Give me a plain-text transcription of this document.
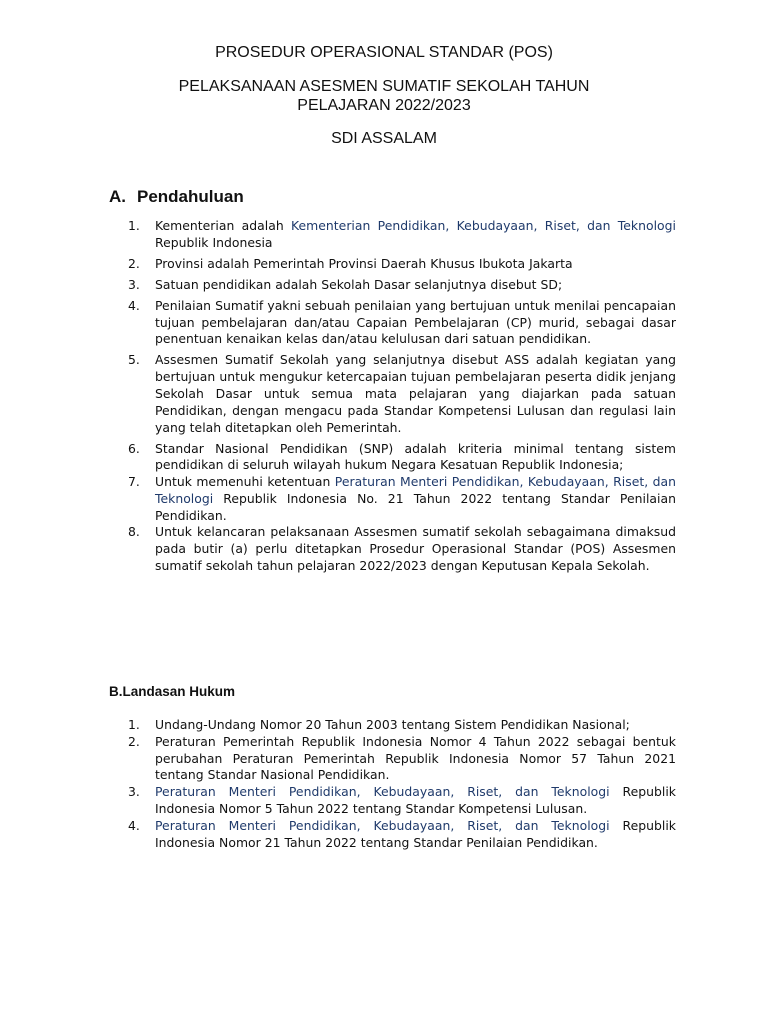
PROSEDUR OPERASIONAL STANDAR (POS)

PELAKSANAAN ASESMEN SUMATIF SEKOLAH TAHUN
PELAJARAN 2022/2023

SDI ASSALAM

A. Pendahuluan
1.	Kementerian adalah Kementerian Pendidikan, Kebudayaan, Riset, dan Teknologi Republik Indonesia
2.	Provinsi adalah Pemerintah Provinsi Daerah Khusus Ibukota Jakarta
3.	Satuan pendidikan adalah Sekolah Dasar selanjutnya disebut SD;
4.	Penilaian Sumatif yakni sebuah penilaian yang bertujuan untuk menilai pencapaian tujuan pembelajaran dan/atau Capaian Pembelajaran (CP) murid, sebagai dasar penentuan kenaikan kelas dan/atau kelulusan dari satuan pendidikan.
5.	Assesmen Sumatif Sekolah yang selanjutnya disebut ASS adalah kegiatan yang bertujuan untuk mengukur ketercapaian tujuan pembelajaran peserta didik jenjang Sekolah Dasar untuk semua mata pelajaran yang diajarkan pada satuan Pendidikan, dengan mengacu pada Standar Kompetensi Lulusan dan regulasi lain yang telah ditetapkan oleh Pemerintah.
6.	Standar Nasional Pendidikan (SNP) adalah kriteria minimal tentang sistem pendidikan di seluruh wilayah hukum Negara Kesatuan Republik Indonesia;
7.	Untuk memenuhi ketentuan Peraturan Menteri Pendidikan, Kebudayaan, Riset, dan Teknologi Republik Indonesia No. 21 Tahun 2022 tentang Standar Penilaian Pendidikan.
8.	Untuk kelancaran pelaksanaan Assesmen sumatif sekolah sebagaimana dimaksud pada butir (a) perlu ditetapkan Prosedur Operasional Standar (POS) Assesmen sumatif sekolah tahun pelajaran 2022/2023 dengan Keputusan Kepala Sekolah.
B.Landasan Hukum
1.	Undang-Undang Nomor 20 Tahun 2003 tentang Sistem Pendidikan Nasional;
2.	Peraturan Pemerintah Republik Indonesia Nomor 4 Tahun 2022 sebagai bentuk perubahan Peraturan Pemerintah Republik Indonesia Nomor 57 Tahun 2021 tentang Standar Nasional Pendidikan.
3.	Peraturan Menteri Pendidikan, Kebudayaan, Riset, dan Teknologi Republik Indonesia Nomor 5 Tahun 2022 tentang Standar Kompetensi Lulusan.
4.	Peraturan Menteri Pendidikan, Kebudayaan, Riset, dan Teknologi Republik Indonesia Nomor 21 Tahun 2022 tentang Standar Penilaian Pendidikan.
